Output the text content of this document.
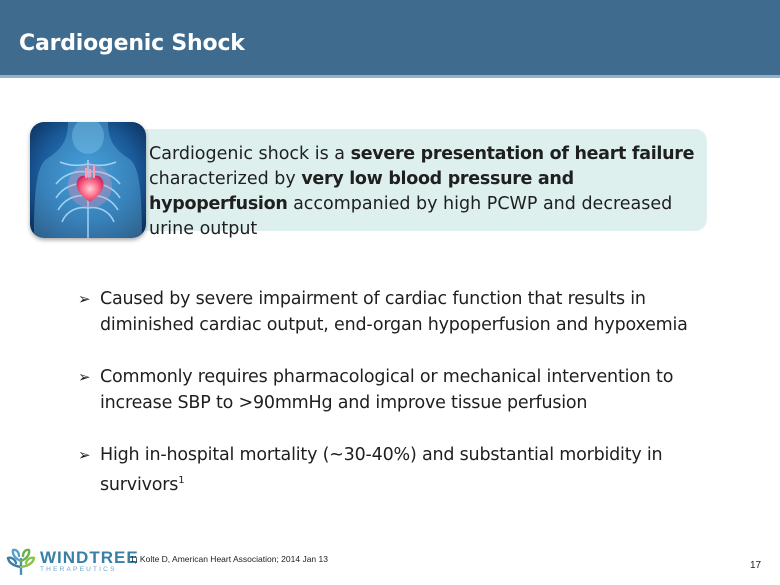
Cardiogenic Shock
Cardiogenic shock is a severe presentation of heart failure characterized by very low blood pressure and hypoperfusion accompanied by high PCWP and decreased urine output
➢ Caused by severe impairment of cardiac function that results in diminished cardiac output, end-organ hypoperfusion and hypoxemia
➢ Commonly requires pharmacological or mechanical intervention to increase SBP to >90mmHg and improve tissue perfusion
➢ High in-hospital mortality (~30-40%) and substantial morbidity in survivors$^1$
WINDTREE
THERAPEUTICS
1) Kolte D, American Heart Association; 2014 Jan 13
17
